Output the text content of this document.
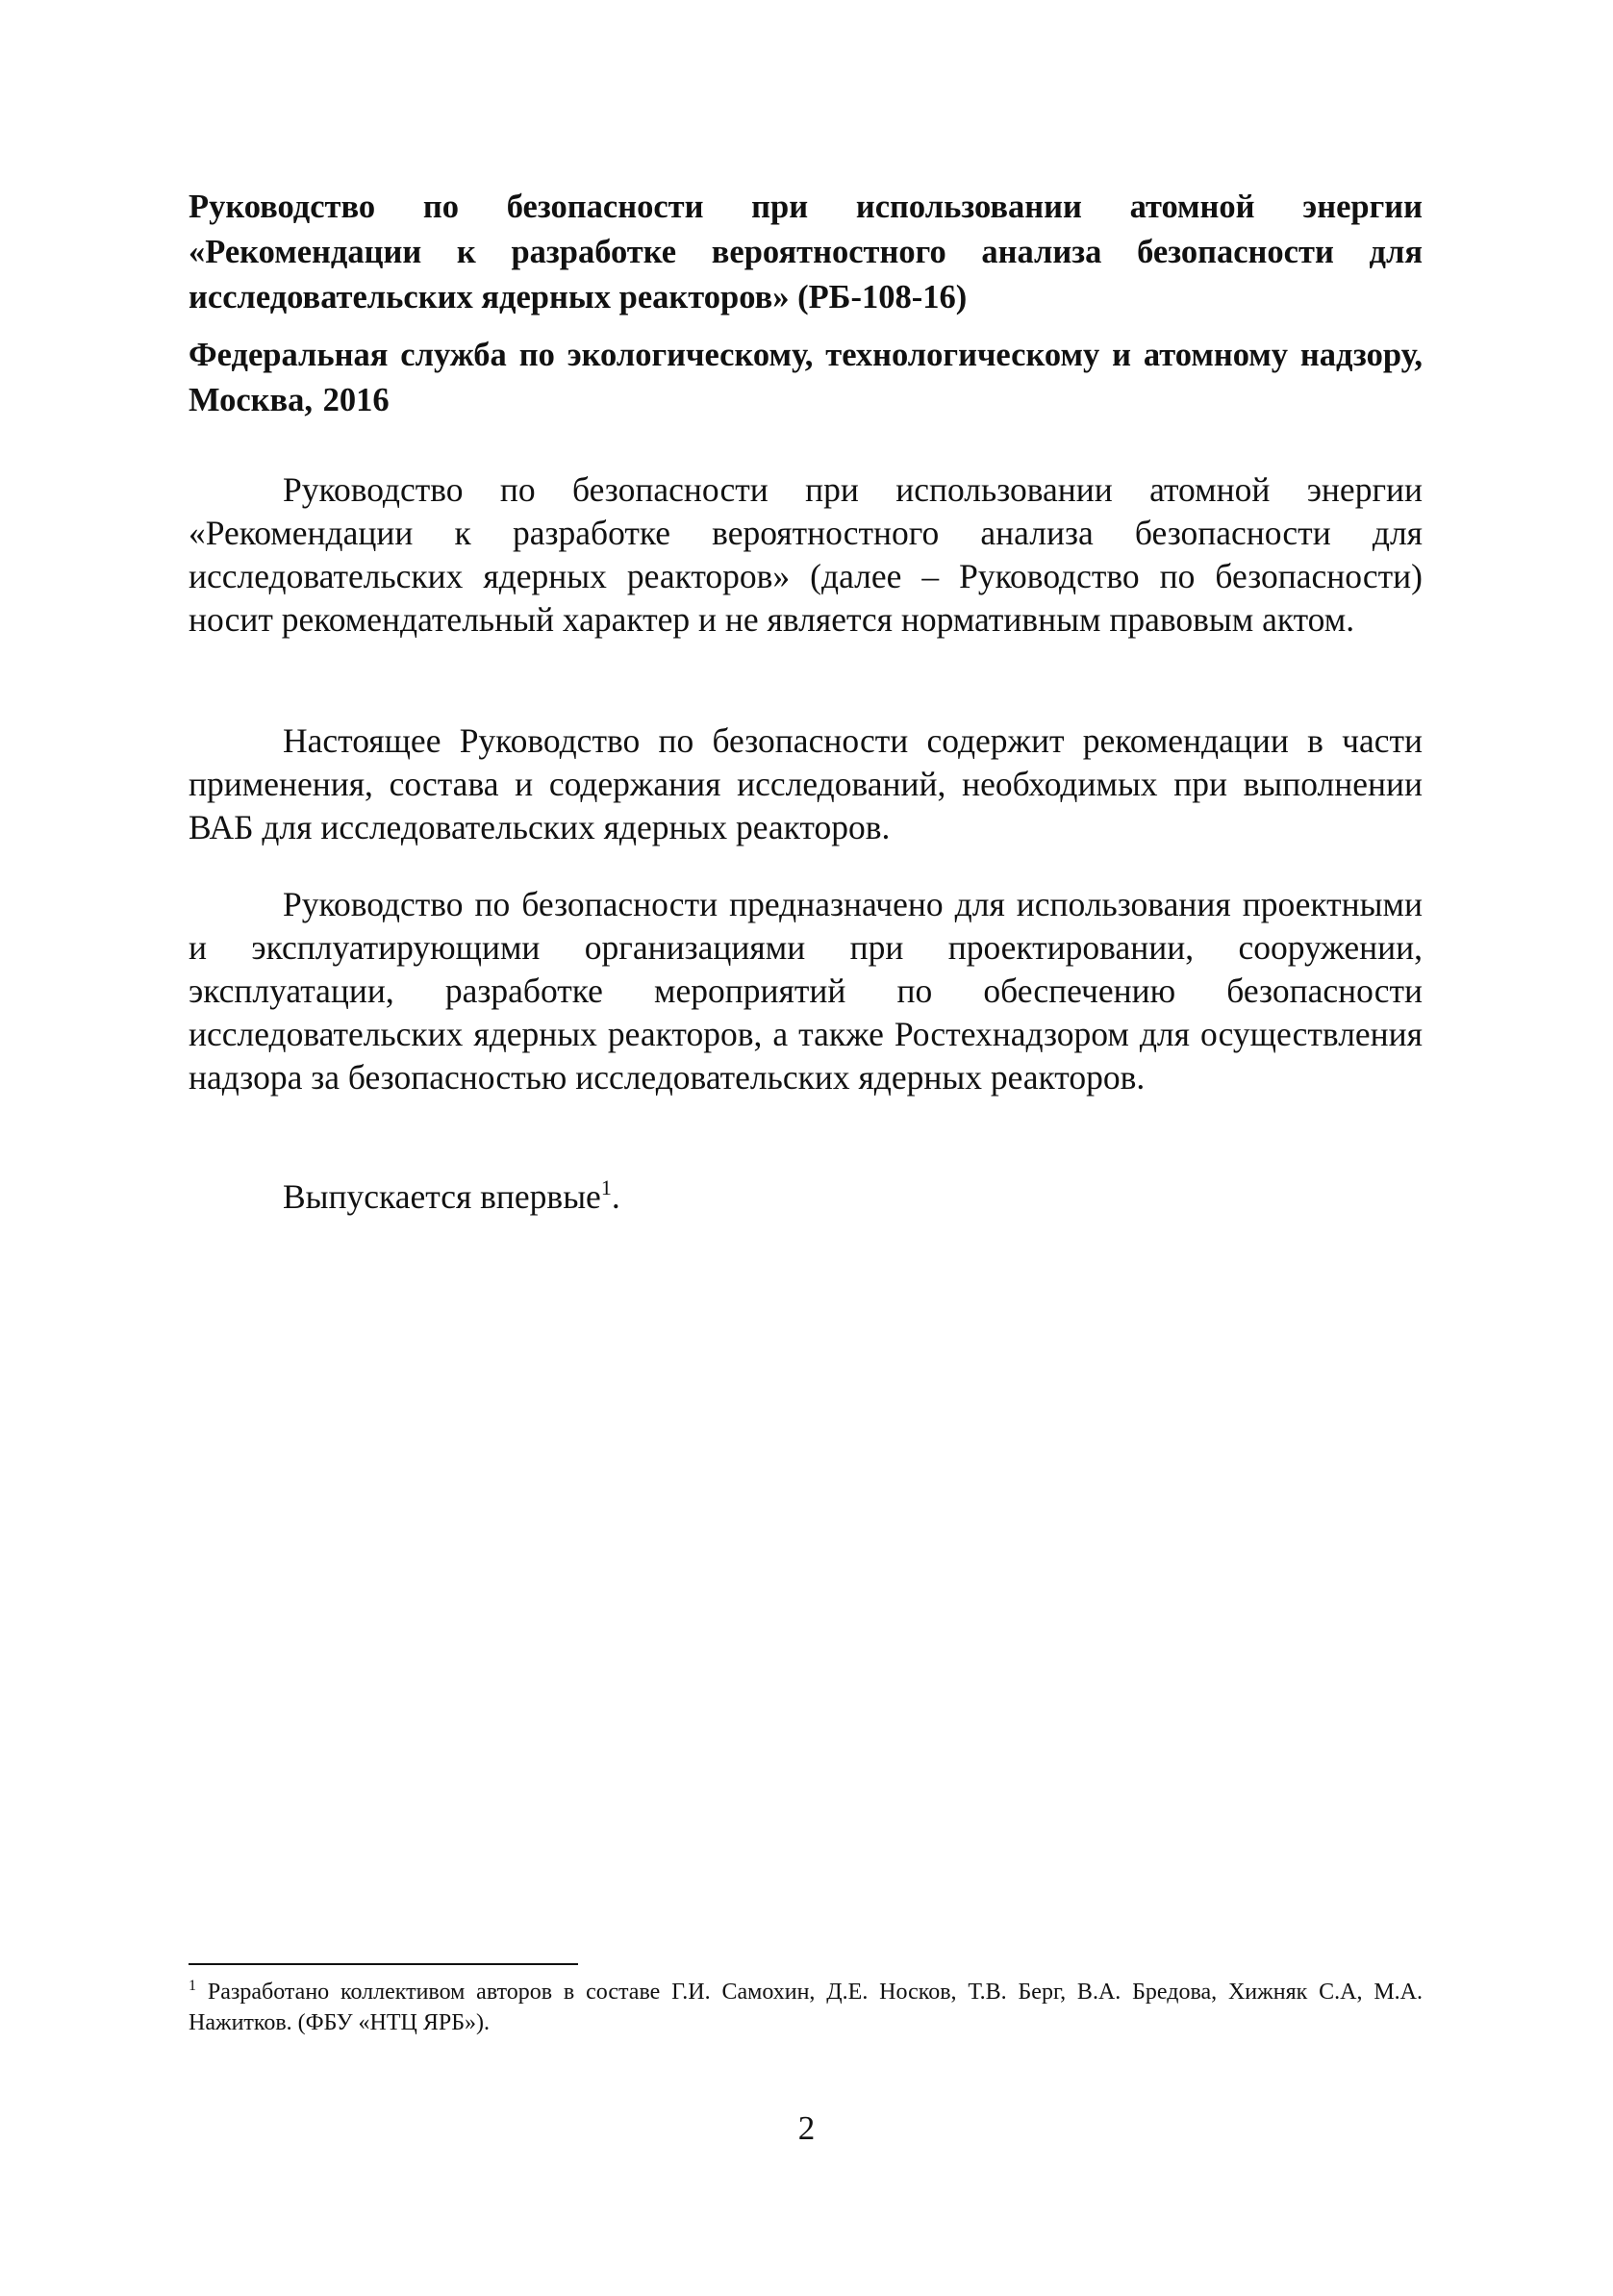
Руководство по безопасности при использовании атомной энергии «Рекомендации к разработке вероятностного анализа безопасности для исследовательских ядерных реакторов» (РБ-108-16)

Федеральная служба по экологическому, технологическому и атомному надзору, Москва, 2016

Руководство по безопасности при использовании атомной энергии «Рекомендации к разработке вероятностного анализа безопасности для исследовательских ядерных реакторов» (далее – Руководство по безопасности) носит рекомендательный характер и не является нормативным правовым актом.

Настоящее Руководство по безопасности содержит рекомендации в части применения, состава и содержания исследований, необходимых при выполнении ВАБ для исследовательских ядерных реакторов.

Руководство по безопасности предназначено для использования проектными и эксплуатирующими организациями при проектировании, сооружении, эксплуатации, разработке мероприятий по обеспечению безопасности исследовательских ядерных реакторов, а также Ростехнадзором для осуществления надзора за безопасностью исследовательских ядерных реакторов.

Выпускается впервые$^1$.

$^1$ Разработано коллективом авторов в составе Г.И. Самохин, Д.Е. Носков, Т.В. Берг, В.А. Бредова, Хижняк С.А, М.А. Нажитков. (ФБУ «НТЦ ЯРБ»).

2
